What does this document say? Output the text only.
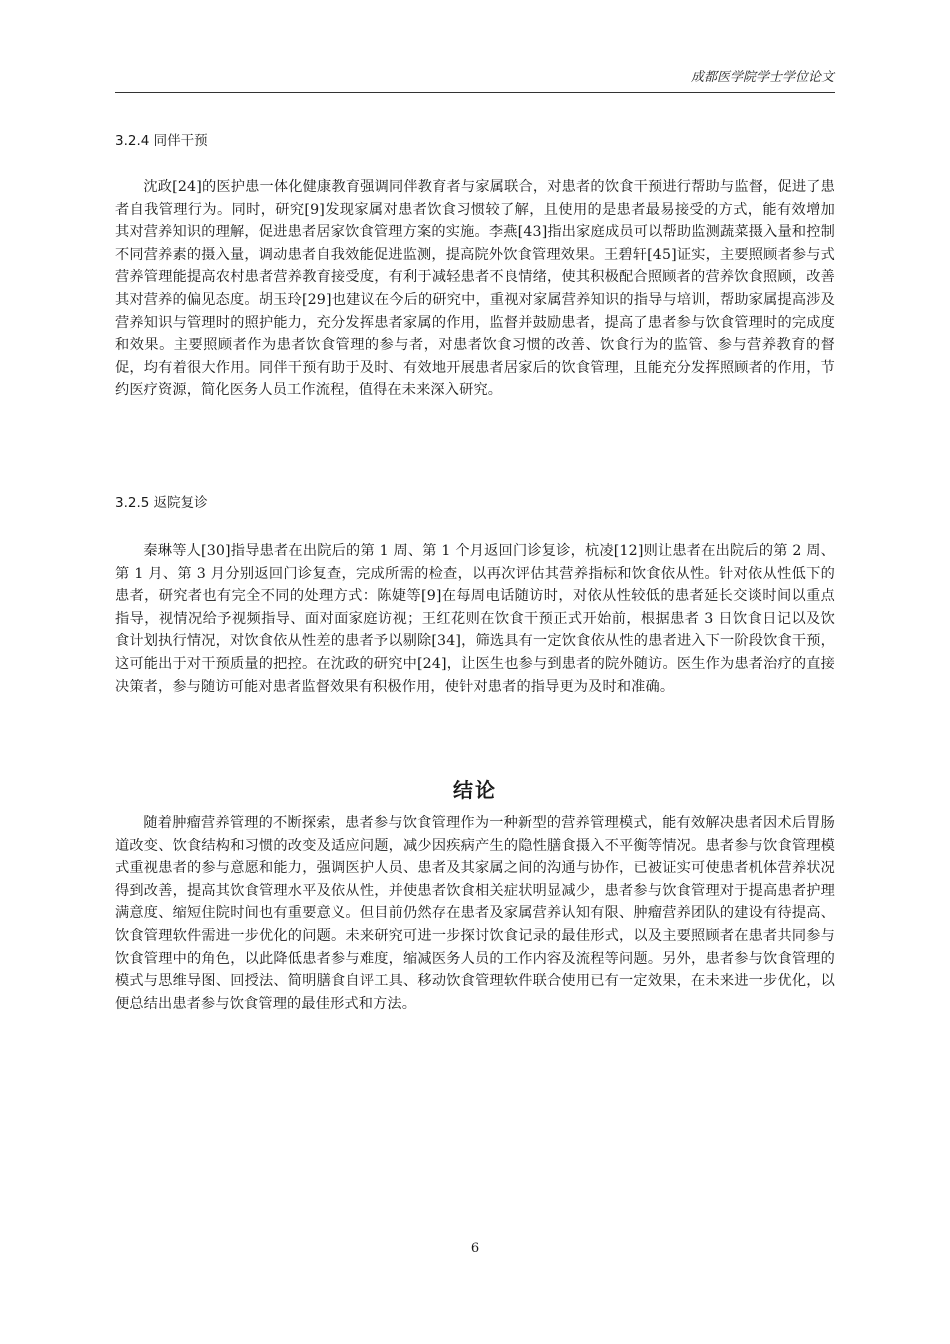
成都医学院学士学位论文
3.2.4 同伴干预

沈政[24]的医护患一体化健康教育强调同伴教育者与家属联合，对患者的饮食干预进行帮助与监督，促进了患者自我管理行为。同时，研究[9]发现家属对患者饮食习惯较了解，且使用的是患者最易接受的方式，能有效增加其对营养知识的理解，促进患者居家饮食管理方案的实施。李燕[43]指出家庭成员可以帮助监测蔬菜摄入量和控制不同营养素的摄入量，调动患者自我效能促进监测，提高院外饮食管理效果。王碧轩[45]证实，主要照顾者参与式营养管理能提高农村患者营养教育接受度，有利于减轻患者不良情绪，使其积极配合照顾者的营养饮食照顾，改善其对营养的偏见态度。胡玉玲[29]也建议在今后的研究中，重视对家属营养知识的指导与培训，帮助家属提高涉及营养知识与管理时的照护能力，充分发挥患者家属的作用，监督并鼓励患者，提高了患者参与饮食管理时的完成度和效果。主要照顾者作为患者饮食管理的参与者，对患者饮食习惯的改善、饮食行为的监管、参与营养教育的督促，均有着很大作用。同伴干预有助于及时、有效地开展患者居家后的饮食管理，且能充分发挥照顾者的作用，节约医疗资源，简化医务人员工作流程，值得在未来深入研究。

3.2.5 返院复诊

秦琳等人[30]指导患者在出院后的第 1 周、第 1 个月返回门诊复诊，杭凌[12]则让患者在出院后的第 2 周、第 1 月、第 3 月分别返回门诊复查，完成所需的检查，以再次评估其营养指标和饮食依从性。针对依从性低下的患者，研究者也有完全不同的处理方式：陈婕等[9]在每周电话随访时，对依从性较低的患者延长交谈时间以重点指导，视情况给予视频指导、面对面家庭访视；王红花则在饮食干预正式开始前，根据患者 3 日饮食日记以及饮食计划执行情况，对饮食依从性差的患者予以剔除[34]，筛选具有一定饮食依从性的患者进入下一阶段饮食干预，这可能出于对干预质量的把控。在沈政的研究中[24]，让医生也参与到患者的院外随访。医生作为患者治疗的直接决策者，参与随访可能对患者监督效果有积极作用，使针对患者的指导更为及时和准确。

结论

随着肿瘤营养管理的不断探索，患者参与饮食管理作为一种新型的营养管理模式，能有效解决患者因术后胃肠道改变、饮食结构和习惯的改变及适应问题，减少因疾病产生的隐性膳食摄入不平衡等情况。患者参与饮食管理模式重视患者的参与意愿和能力，强调医护人员、患者及其家属之间的沟通与协作，已被证实可使患者机体营养状况得到改善，提高其饮食管理水平及依从性，并使患者饮食相关症状明显减少，患者参与饮食管理对于提高患者护理满意度、缩短住院时间也有重要意义。但目前仍然存在患者及家属营养认知有限、肿瘤营养团队的建设有待提高、饮食管理软件需进一步优化的问题。未来研究可进一步探讨饮食记录的最佳形式，以及主要照顾者在患者共同参与饮食管理中的角色，以此降低患者参与难度，缩减医务人员的工作内容及流程等问题。另外，患者参与饮食管理的模式与思维导图、回授法、简明膳食自评工具、移动饮食管理软件联合使用已有一定效果，在未来进一步优化，以便总结出患者参与饮食管理的最佳形式和方法。

6
